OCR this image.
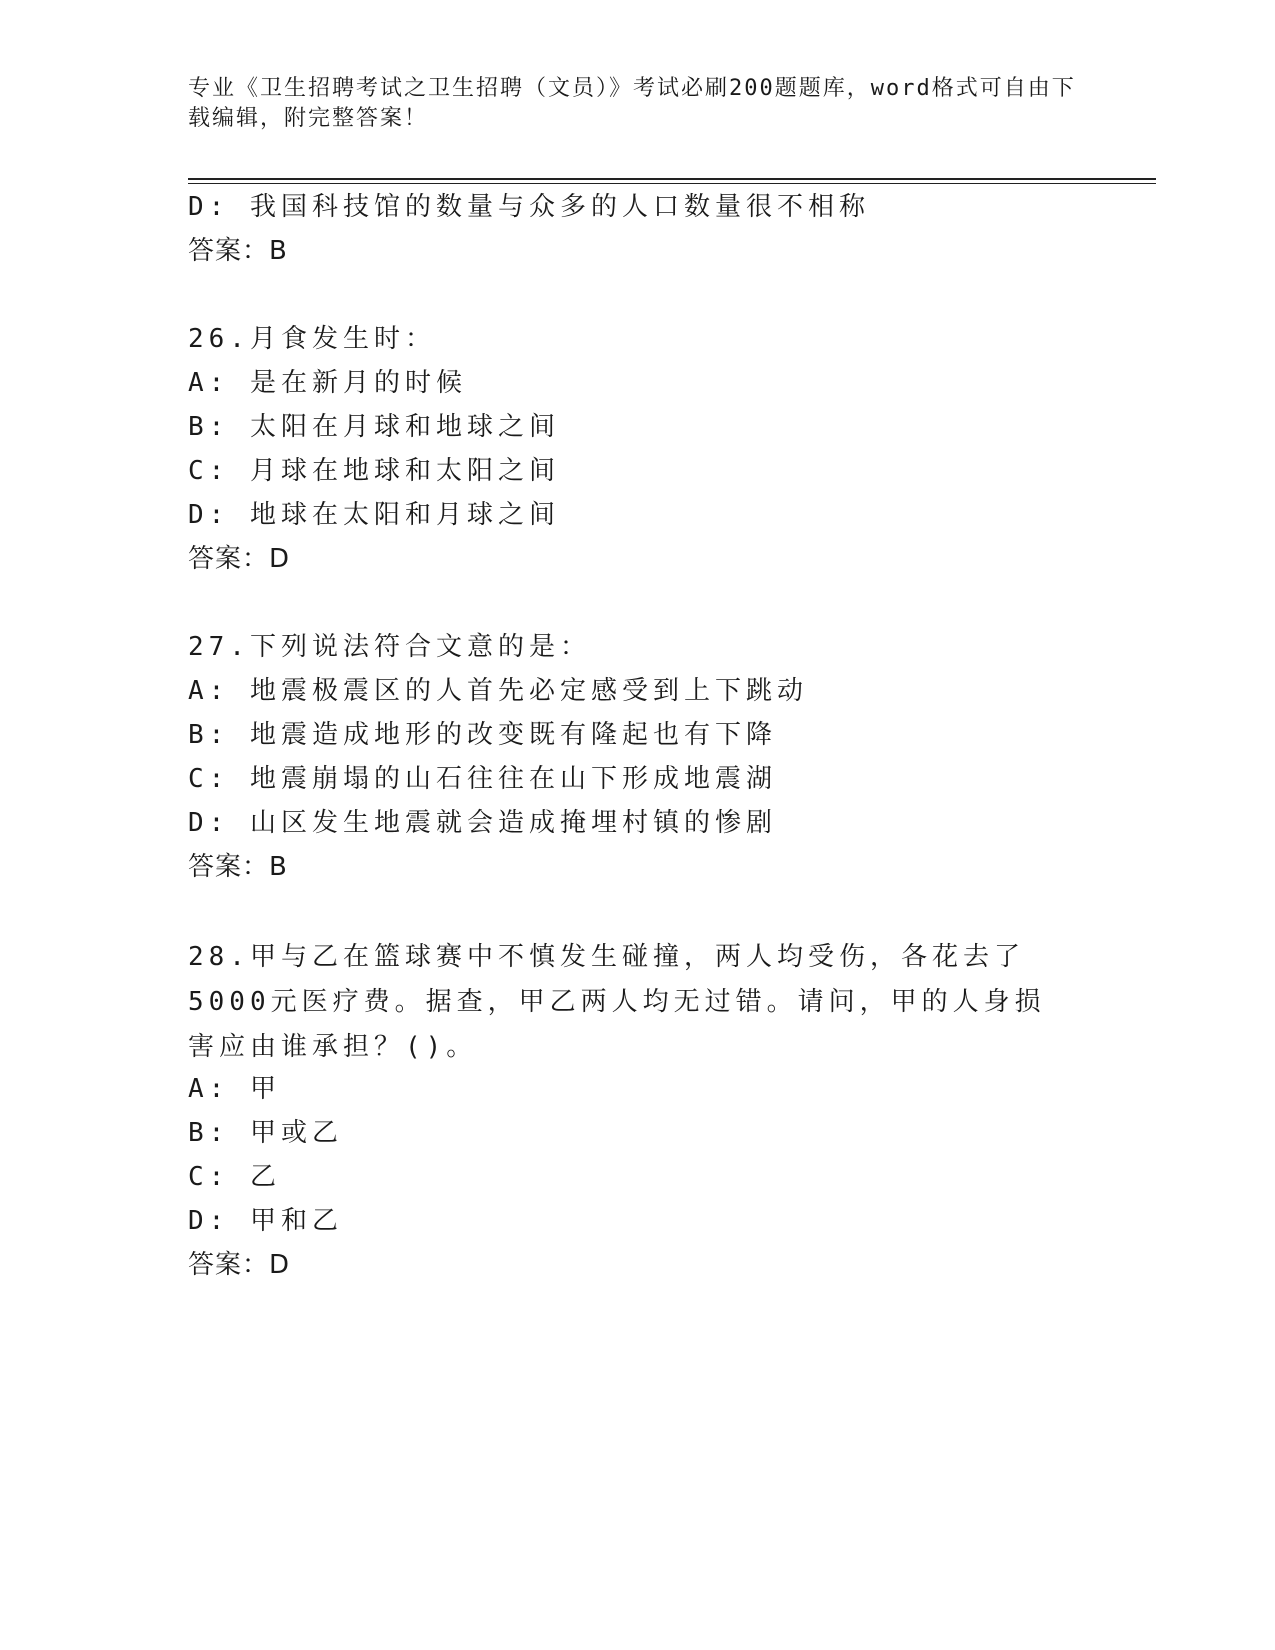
专业《卫生招聘考试之卫生招聘（文员）》考试必刷200题题库，word格式可自由下载编辑，附完整答案！
D: 我国科技馆的数量与众多的人口数量很不相称
答案：B
26.月食发生时：
A: 是在新月的时候
B: 太阳在月球和地球之间
C: 月球在地球和太阳之间
D: 地球在太阳和月球之间
答案：D
27.下列说法符合文意的是：
A: 地震极震区的人首先必定感受到上下跳动
B: 地震造成地形的改变既有隆起也有下降
C: 地震崩塌的山石往往在山下形成地震湖
D: 山区发生地震就会造成掩埋村镇的惨剧
答案：B
28.甲与乙在篮球赛中不慎发生碰撞，两人均受伤，各花去了5000元医疗费。据查，甲乙两人均无过错。请问，甲的人身损害应由谁承担？()。
A: 甲
B: 甲或乙
C: 乙
D: 甲和乙
答案：D
